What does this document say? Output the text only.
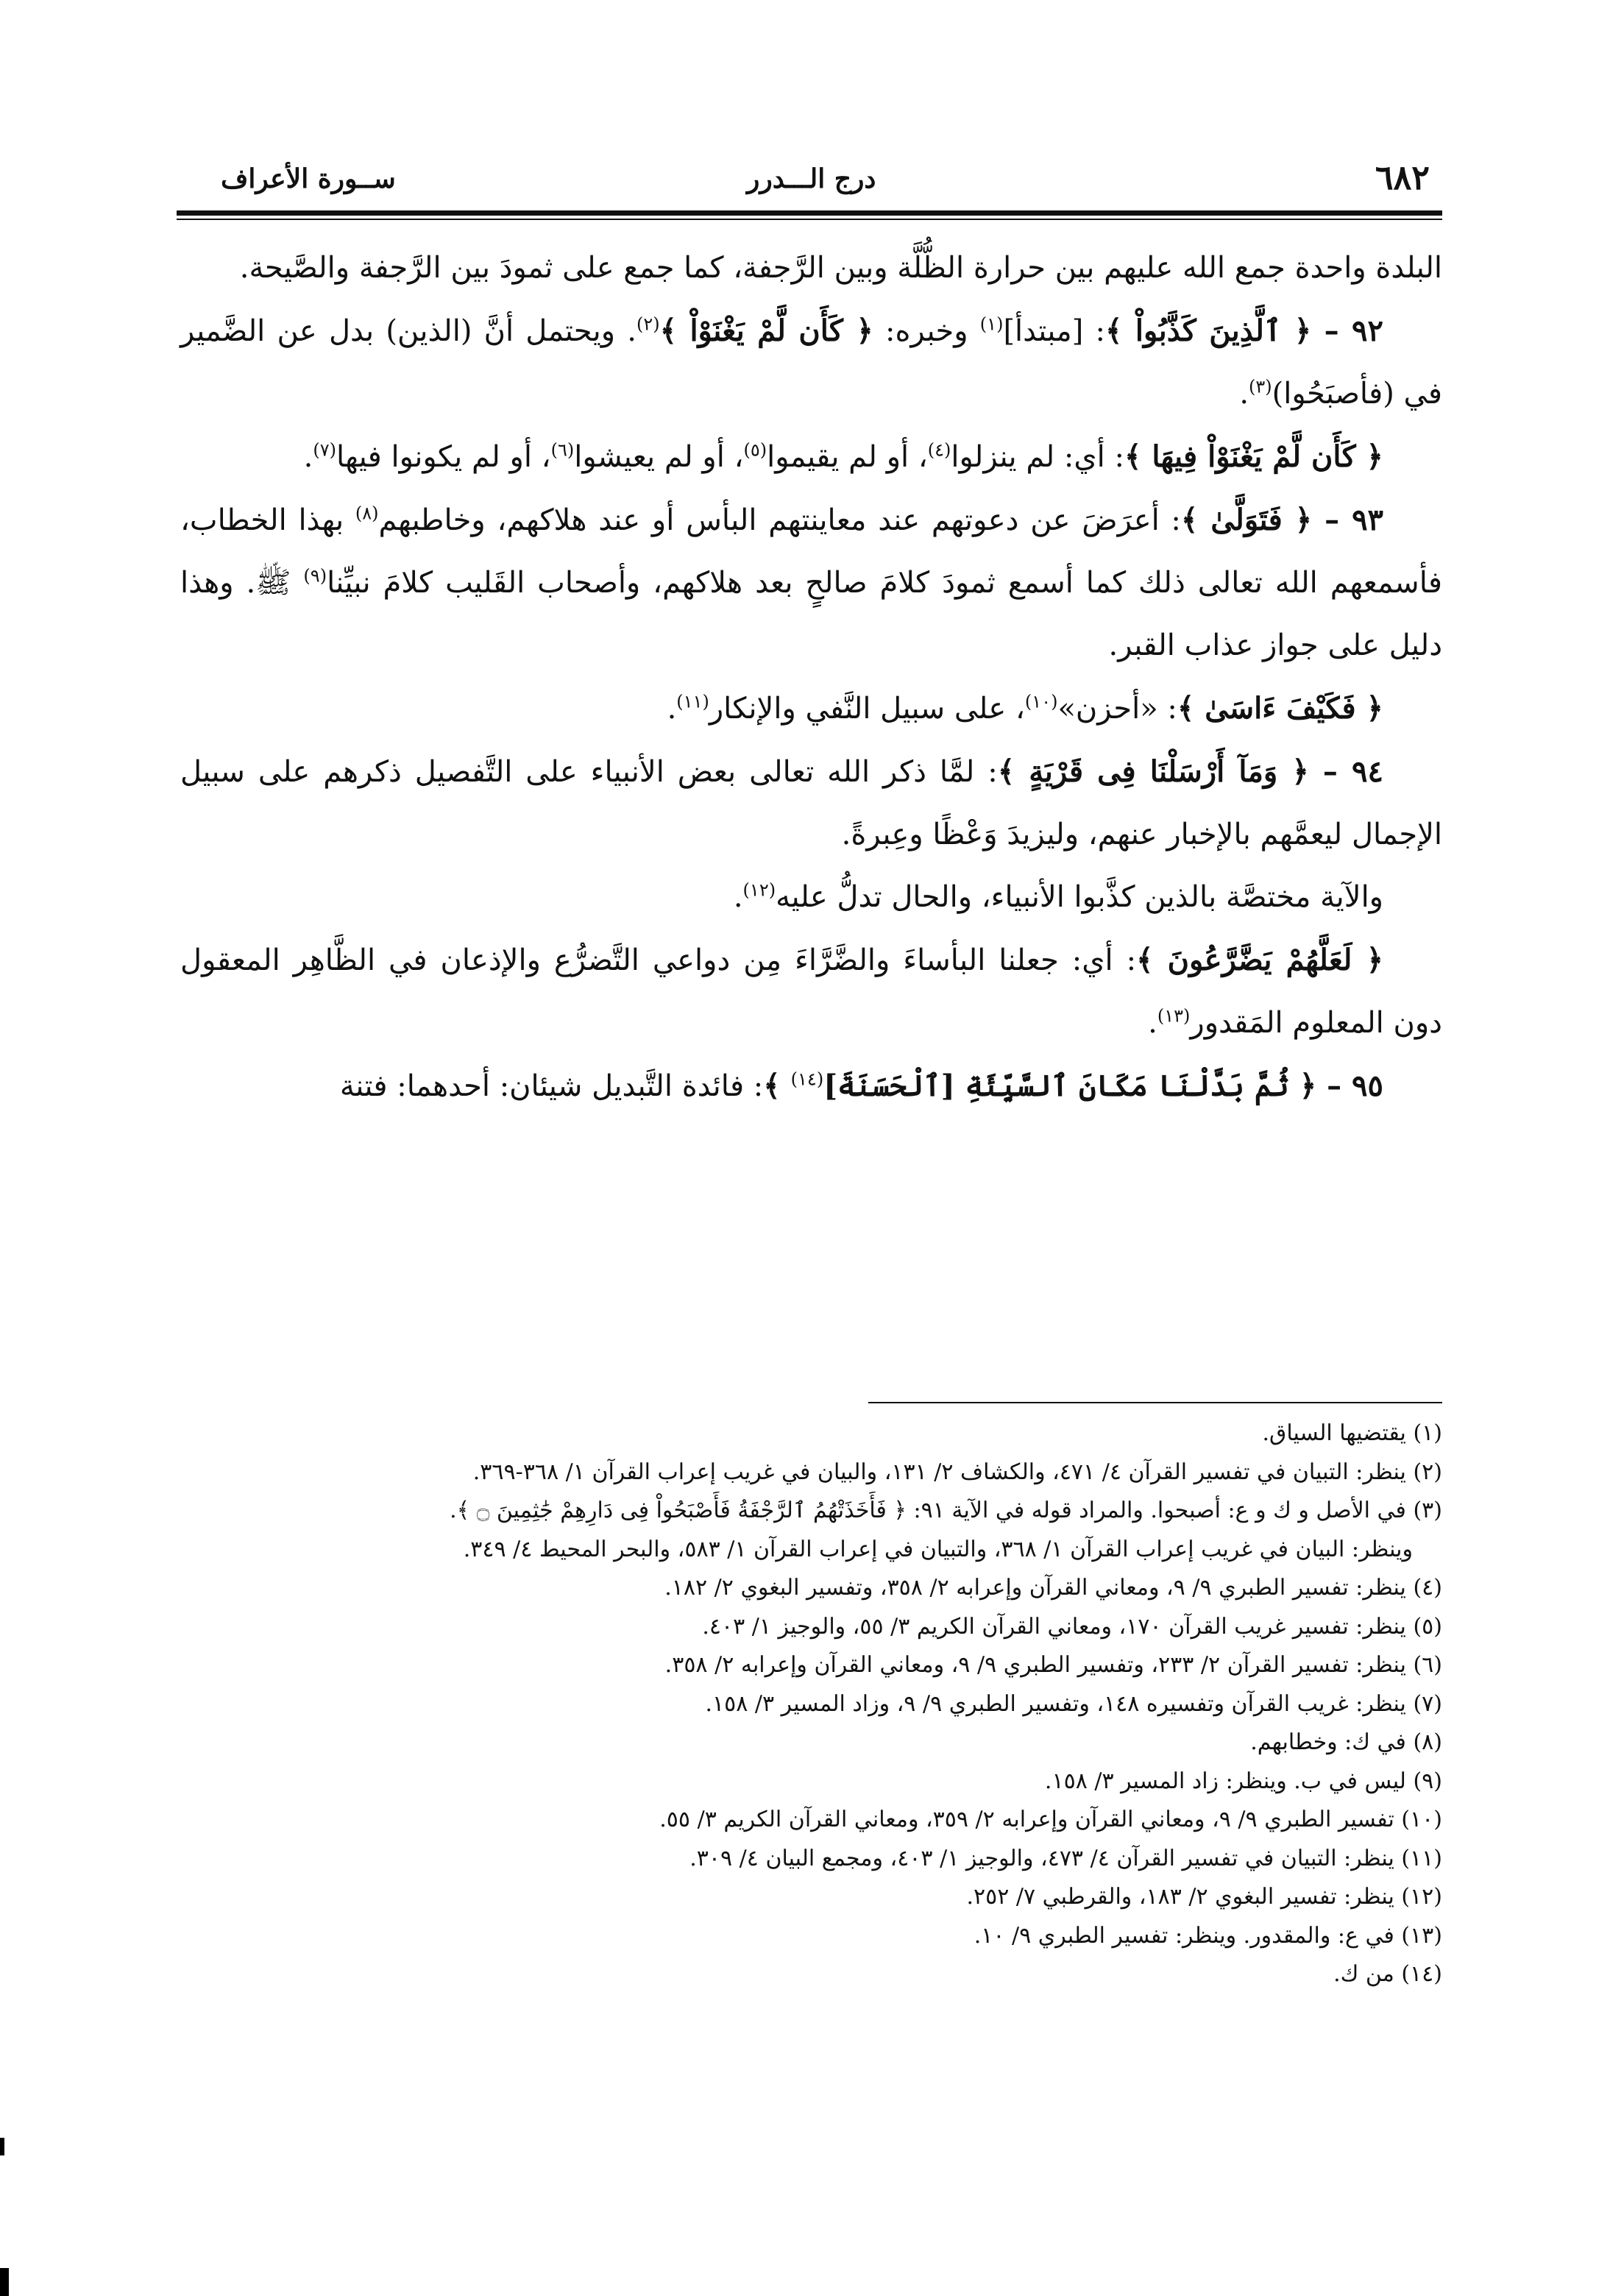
٦٨٢
درج الـــدرر
ســورة الأعراف

البلدة واحدة جمع الله عليهم بين حرارة الظُّلَّة وبين الرَّجفة، كما جمع على ثمودَ بين الرَّجفة والصَّيحة.

٩٢ – ﴿ ٱلَّذِينَ كَذَّبُواْ ﴾: [مبتدأ]$^{(١)}$ وخبره: ﴿ كَأَن لَّمْ يَغْنَوْاْ ﴾$^{(٢)}$. ويحتمل أنَّ (الذين) بدل عن الضَّمير في (فأصبَحُوا)$^{(٣)}$.

﴿ كَأَن لَّمْ يَغْنَوْاْ فِيهَا ﴾: أي: لم ينزلوا$^{(٤)}$، أو لم يقيموا$^{(٥)}$، أو لم يعيشوا$^{(٦)}$، أو لم يكونوا فيها$^{(٧)}$.

٩٣ – ﴿ فَتَوَلَّىٰ ﴾: أعرَضَ عن دعوتهم عند معاينتهم البأس أو عند هلاكهم، وخاطبهم$^{(٨)}$ بهذا الخطاب، فأسمعهم الله تعالى ذلك كما أسمع ثمودَ كلامَ صالحٍ بعد هلاكهم، وأصحاب القَليب كلامَ نبيِّنا$^{(٩)}$ ﷺ. وهذا دليل على جواز عذاب القبر.

﴿ فَكَيْفَ ءَاسَىٰ ﴾: «أحزن»$^{(١٠)}$، على سبيل النَّفي والإنكار$^{(١١)}$.

٩٤ – ﴿ وَمَآ أَرْسَلْنَا فِى قَرْيَةٍ ﴾: لمَّا ذكر الله تعالى بعض الأنبياء على التَّفصيل ذكرهم على سبيل الإجمال ليعمَّهم بالإخبار عنهم، وليزيدَ وَعْظًا وعِبرةً.

والآية مختصَّة بالذين كذَّبوا الأنبياء، والحال تدلُّ عليه$^{(١٢)}$.

﴿ لَعَلَّهُمْ يَضَّرَّعُونَ ﴾: أي: جعلنا البأساءَ والضَّرَّاءَ مِن دواعي التَّضرُّع والإذعان في الظَّاهِر المعقول دون المعلوم المَقدور$^{(١٣)}$.

٩٥ – ﴿ ثُمَّ بَدَّلْنَا مَكَانَ ٱلسَّيِّئَةِ [ٱلْحَسَنَةَ]$^{(١٤)}$ ﴾: فائدة التَّبديل شيئان: أحدهما: فتنة

(١) يقتضيها السياق.
(٢) ينظر: التبيان في تفسير القرآن ٤/ ٤٧١، والكشاف ٢/ ١٣١، والبيان في غريب إعراب القرآن ١/ ٣٦٨-٣٦٩.
(٣) في الأصل و ك و ع: أصبحوا. والمراد قوله في الآية ٩١: ﴿ فَأَخَذَتْهُمُ ٱلرَّجْفَةُ فَأَصْبَحُواْ فِى دَارِهِمْ جَٰثِمِينَ ۝ ﴾.
وينظر: البيان في غريب إعراب القرآن ١/ ٣٦٨، والتبيان في إعراب القرآن ١/ ٥٨٣، والبحر المحيط ٤/ ٣٤٩.
(٤) ينظر: تفسير الطبري ٩/ ٩، ومعاني القرآن وإعرابه ٢/ ٣٥٨، وتفسير البغوي ٢/ ١٨٢.
(٥) ينظر: تفسير غريب القرآن ١٧٠، ومعاني القرآن الكريم ٣/ ٥٥، والوجيز ١/ ٤٠٣.
(٦) ينظر: تفسير القرآن ٢/ ٢٣٣، وتفسير الطبري ٩/ ٩، ومعاني القرآن وإعرابه ٢/ ٣٥٨.
(٧) ينظر: غريب القرآن وتفسيره ١٤٨، وتفسير الطبري ٩/ ٩، وزاد المسير ٣/ ١٥٨.
(٨) في ك: وخطابهم.
(٩) ليس في ب. وينظر: زاد المسير ٣/ ١٥٨.
(١٠) تفسير الطبري ٩/ ٩، ومعاني القرآن وإعرابه ٢/ ٣٥٩، ومعاني القرآن الكريم ٣/ ٥٥.
(١١) ينظر: التبيان في تفسير القرآن ٤/ ٤٧٣، والوجيز ١/ ٤٠٣، ومجمع البيان ٤/ ٣٠٩.
(١٢) ينظر: تفسير البغوي ٢/ ١٨٣، والقرطبي ٧/ ٢٥٢.
(١٣) في ع: والمقدور. وينظر: تفسير الطبري ٩/ ١٠.
(١٤) من ك.
